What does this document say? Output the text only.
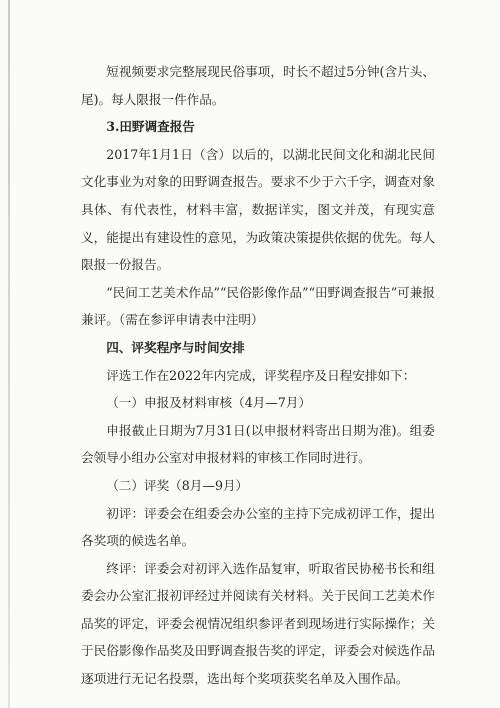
短视频要求完整展现民俗事项，时长不超过5分钟(含片头、尾)。每人限报一件作品。

3.田野调查报告

2017年1月1日（含）以后的，以湖北民间文化和湖北民间文化事业为对象的田野调查报告。要求不少于六千字，调查对象具体、有代表性，材料丰富，数据详实，图文并茂，有现实意义，能提出有建设性的意见，为政策决策提供依据的优先。每人限报一份报告。

“民间工艺美术作品”“民俗影像作品”“田野调查报告”可兼报兼评。（需在参评申请表中注明）

四、评奖程序与时间安排

评选工作在2022年内完成，评奖程序及日程安排如下：

（一）申报及材料审核（4月—7月）

申报截止日期为7月31日(以申报材料寄出日期为准)。组委会领导小组办公室对申报材料的审核工作同时进行。

（二）评奖（8月—9月）

初评：评委会在组委会办公室的主持下完成初评工作，提出各奖项的候选名单。

终评：评委会对初评入选作品复审，听取省民协秘书长和组委会办公室汇报初评经过并阅读有关材料。关于民间工艺美术作品奖的评定，评委会视情况组织参评者到现场进行实际操作；关于民俗影像作品奖及田野调查报告奖的评定，评委会对候选作品逐项进行无记名投票，选出每个奖项获奖名单及入围作品。
